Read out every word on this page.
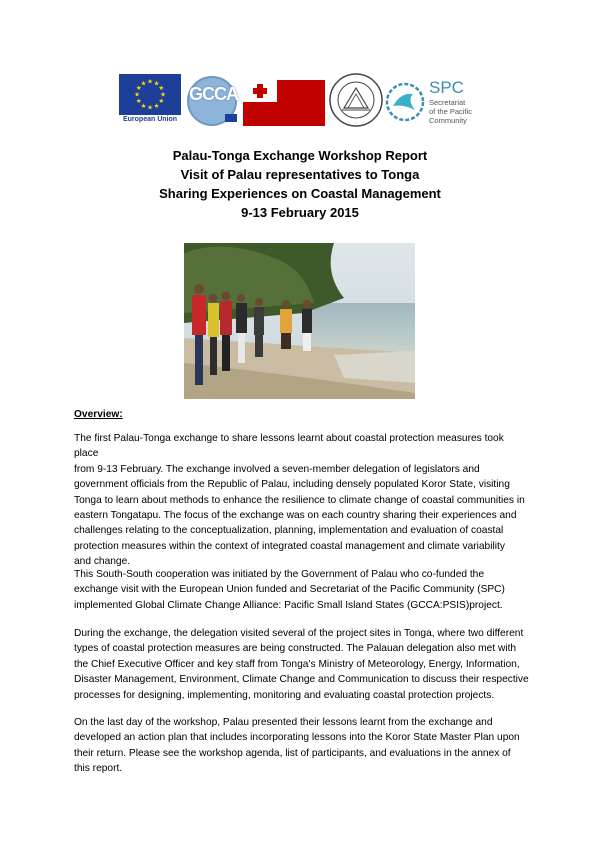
★ ★
★
★
★
★
★
★
★
★
★
★
European Union
GCCA	SPC
Secretariat
of the Pacific
Community
Palau-Tonga Exchange Workshop Report
Visit of Palau representatives to Tonga
Sharing Experiences on Coastal Management
9-13 February 2015
Overview:
The first Palau-Tonga exchange to share lessons learnt about coastal protection measures took place
from 9-13 February. The exchange involved a seven-member delegation of legislators and
government officials from the Republic of Palau, including densely populated Koror State, visiting
Tonga to learn about methods to enhance the resilience to climate change of coastal communities in
eastern Tongatapu. The focus of the exchange was on each country sharing their experiences and
challenges relating to the conceptualization, planning, implementation and evaluation of coastal
protection measures within the context of integrated coastal management and climate variability
and change.
This South-South cooperation was initiated by the Government of Palau who co-funded the
exchange visit with the European Union funded and Secretariat of the Pacific Community (SPC)
implemented Global Climate Change Alliance: Pacific Small Island States (GCCA:PSIS)project.
During the exchange, the delegation visited several of the project sites in Tonga, where two different
types of coastal protection measures are being constructed. The Palauan delegation also met with
the Chief Executive Officer and key staff from Tonga’s Ministry of Meteorology, Energy, Information,
Disaster Management, Environment, Climate Change and Communication to discuss their respective
processes for designing, implementing, monitoring and evaluating coastal protection projects.
On the last day of the workshop, Palau presented their lessons learnt from the exchange and
developed an action plan that includes incorporating lessons into the Koror State Master Plan upon
their return. Please see the workshop agenda, list of participants, and evaluations in the annex of
this report.
